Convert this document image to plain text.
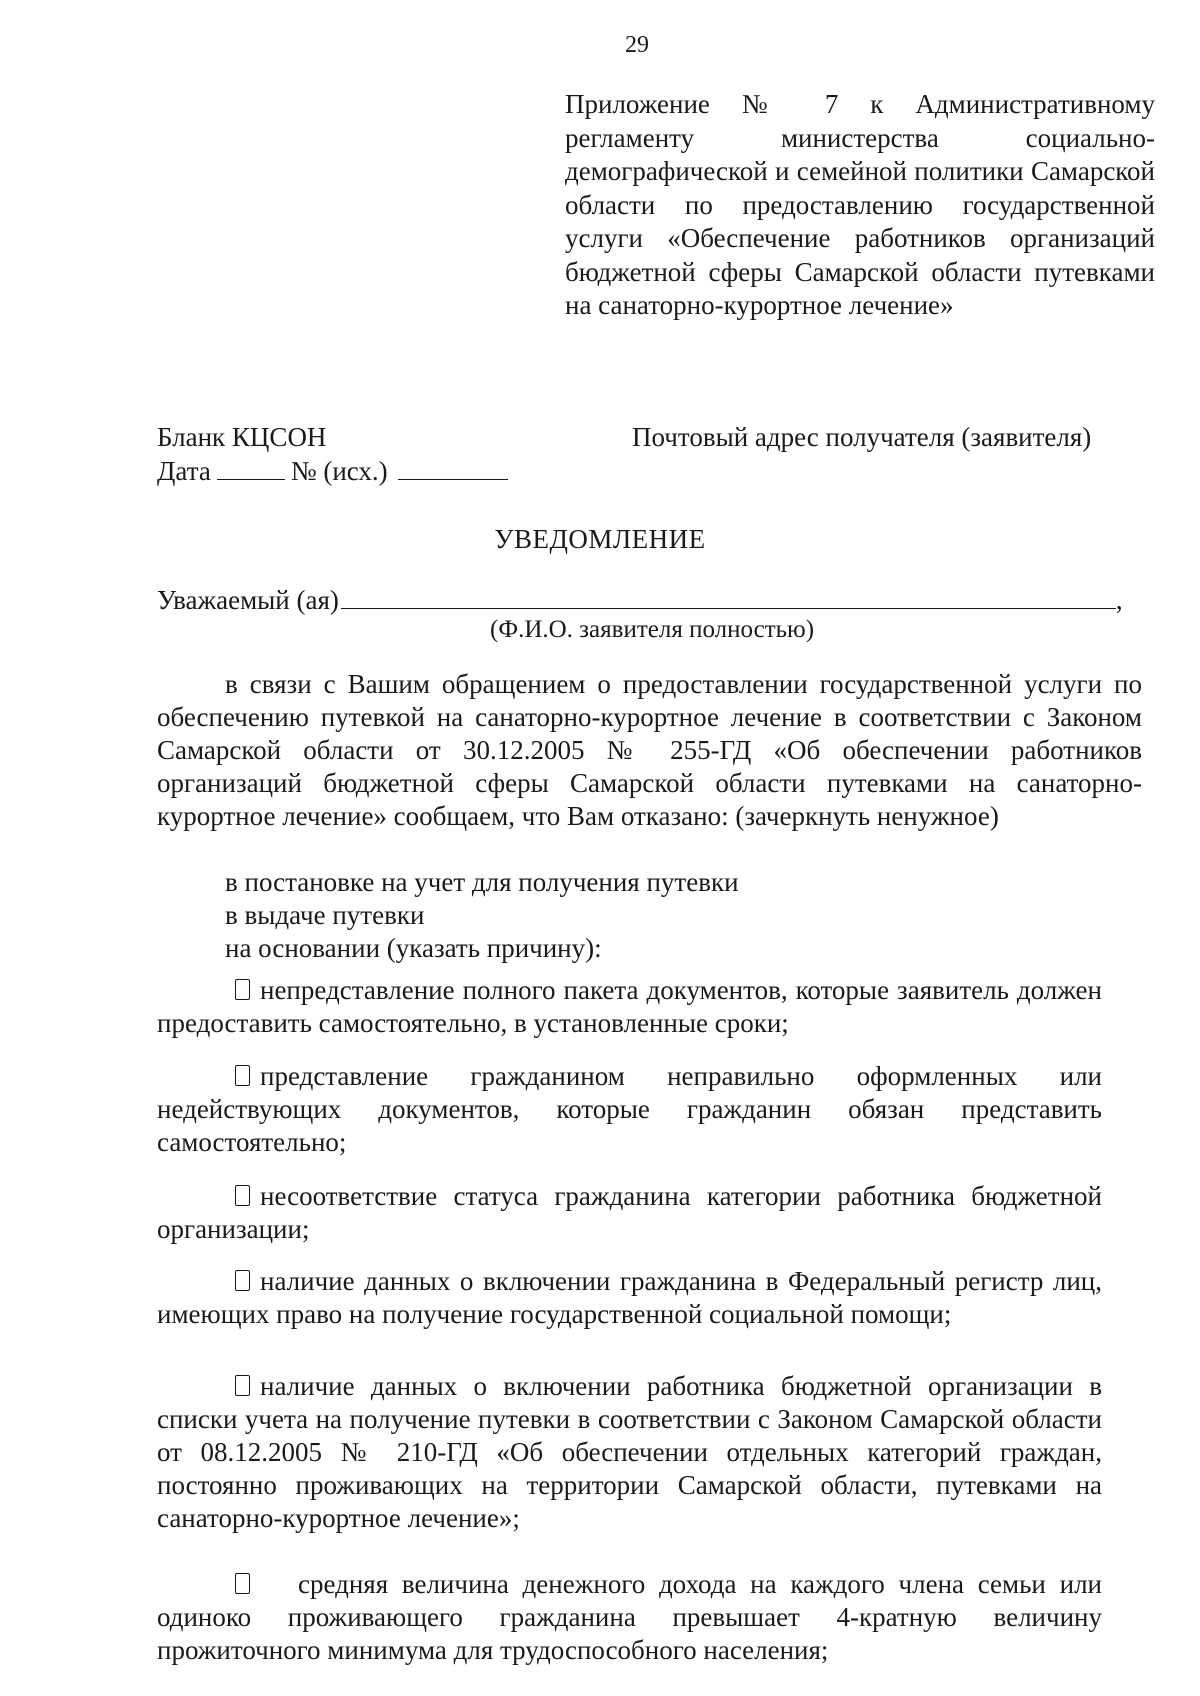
29
Приложение № 7 к Административному регламенту министерства социально-демографической и семейной политики Самарской области по предоставлению государственной услуги «Обеспечение работников организаций бюджетной сферы Самарской области путевками на санаторно-курортное лечение»
Бланк КЦСОН
Дата	№ (исх.)
Почтовый адрес получателя (заявителя)
УВЕДОМЛЕНИЕ
Уважаемый (ая)	,
(Ф.И.О. заявителя полностью)
в связи с Вашим обращением о предоставлении государственной услуги по обеспечению путевкой на санаторно-курортное лечение в соответствии с Законом Самарской области от 30.12.2005 № 255-ГД «Об обеспечении работников организаций бюджетной сферы Самарской области путевками на санаторно-курортное лечение» сообщаем, что Вам отказано: (зачеркнуть ненужное)
в постановке на учет для получения путевки
в выдаче путевки
на основании (указать причину):
непредставление полного пакета документов, которые заявитель должен предоставить самостоятельно, в установленные сроки;
представление гражданином неправильно оформленных или недействующих документов, которые гражданин обязан представить самостоятельно;
несоответствие статуса гражданина категории работника бюджетной организации;
наличие данных о включении гражданина в Федеральный регистр лиц, имеющих право на получение государственной социальной помощи;
наличие данных о включении работника бюджетной организации в списки учета на получение путевки в соответствии с Законом Самарской области от 08.12.2005 № 210-ГД «Об обеспечении отдельных категорий граждан, постоянно проживающих на территории Самарской области, путевками на санаторно-курортное лечение»;
средняя величина денежного дохода на каждого члена семьи или одиноко проживающего гражданина превышает 4-кратную величину прожиточного минимума для трудоспособного населения;
